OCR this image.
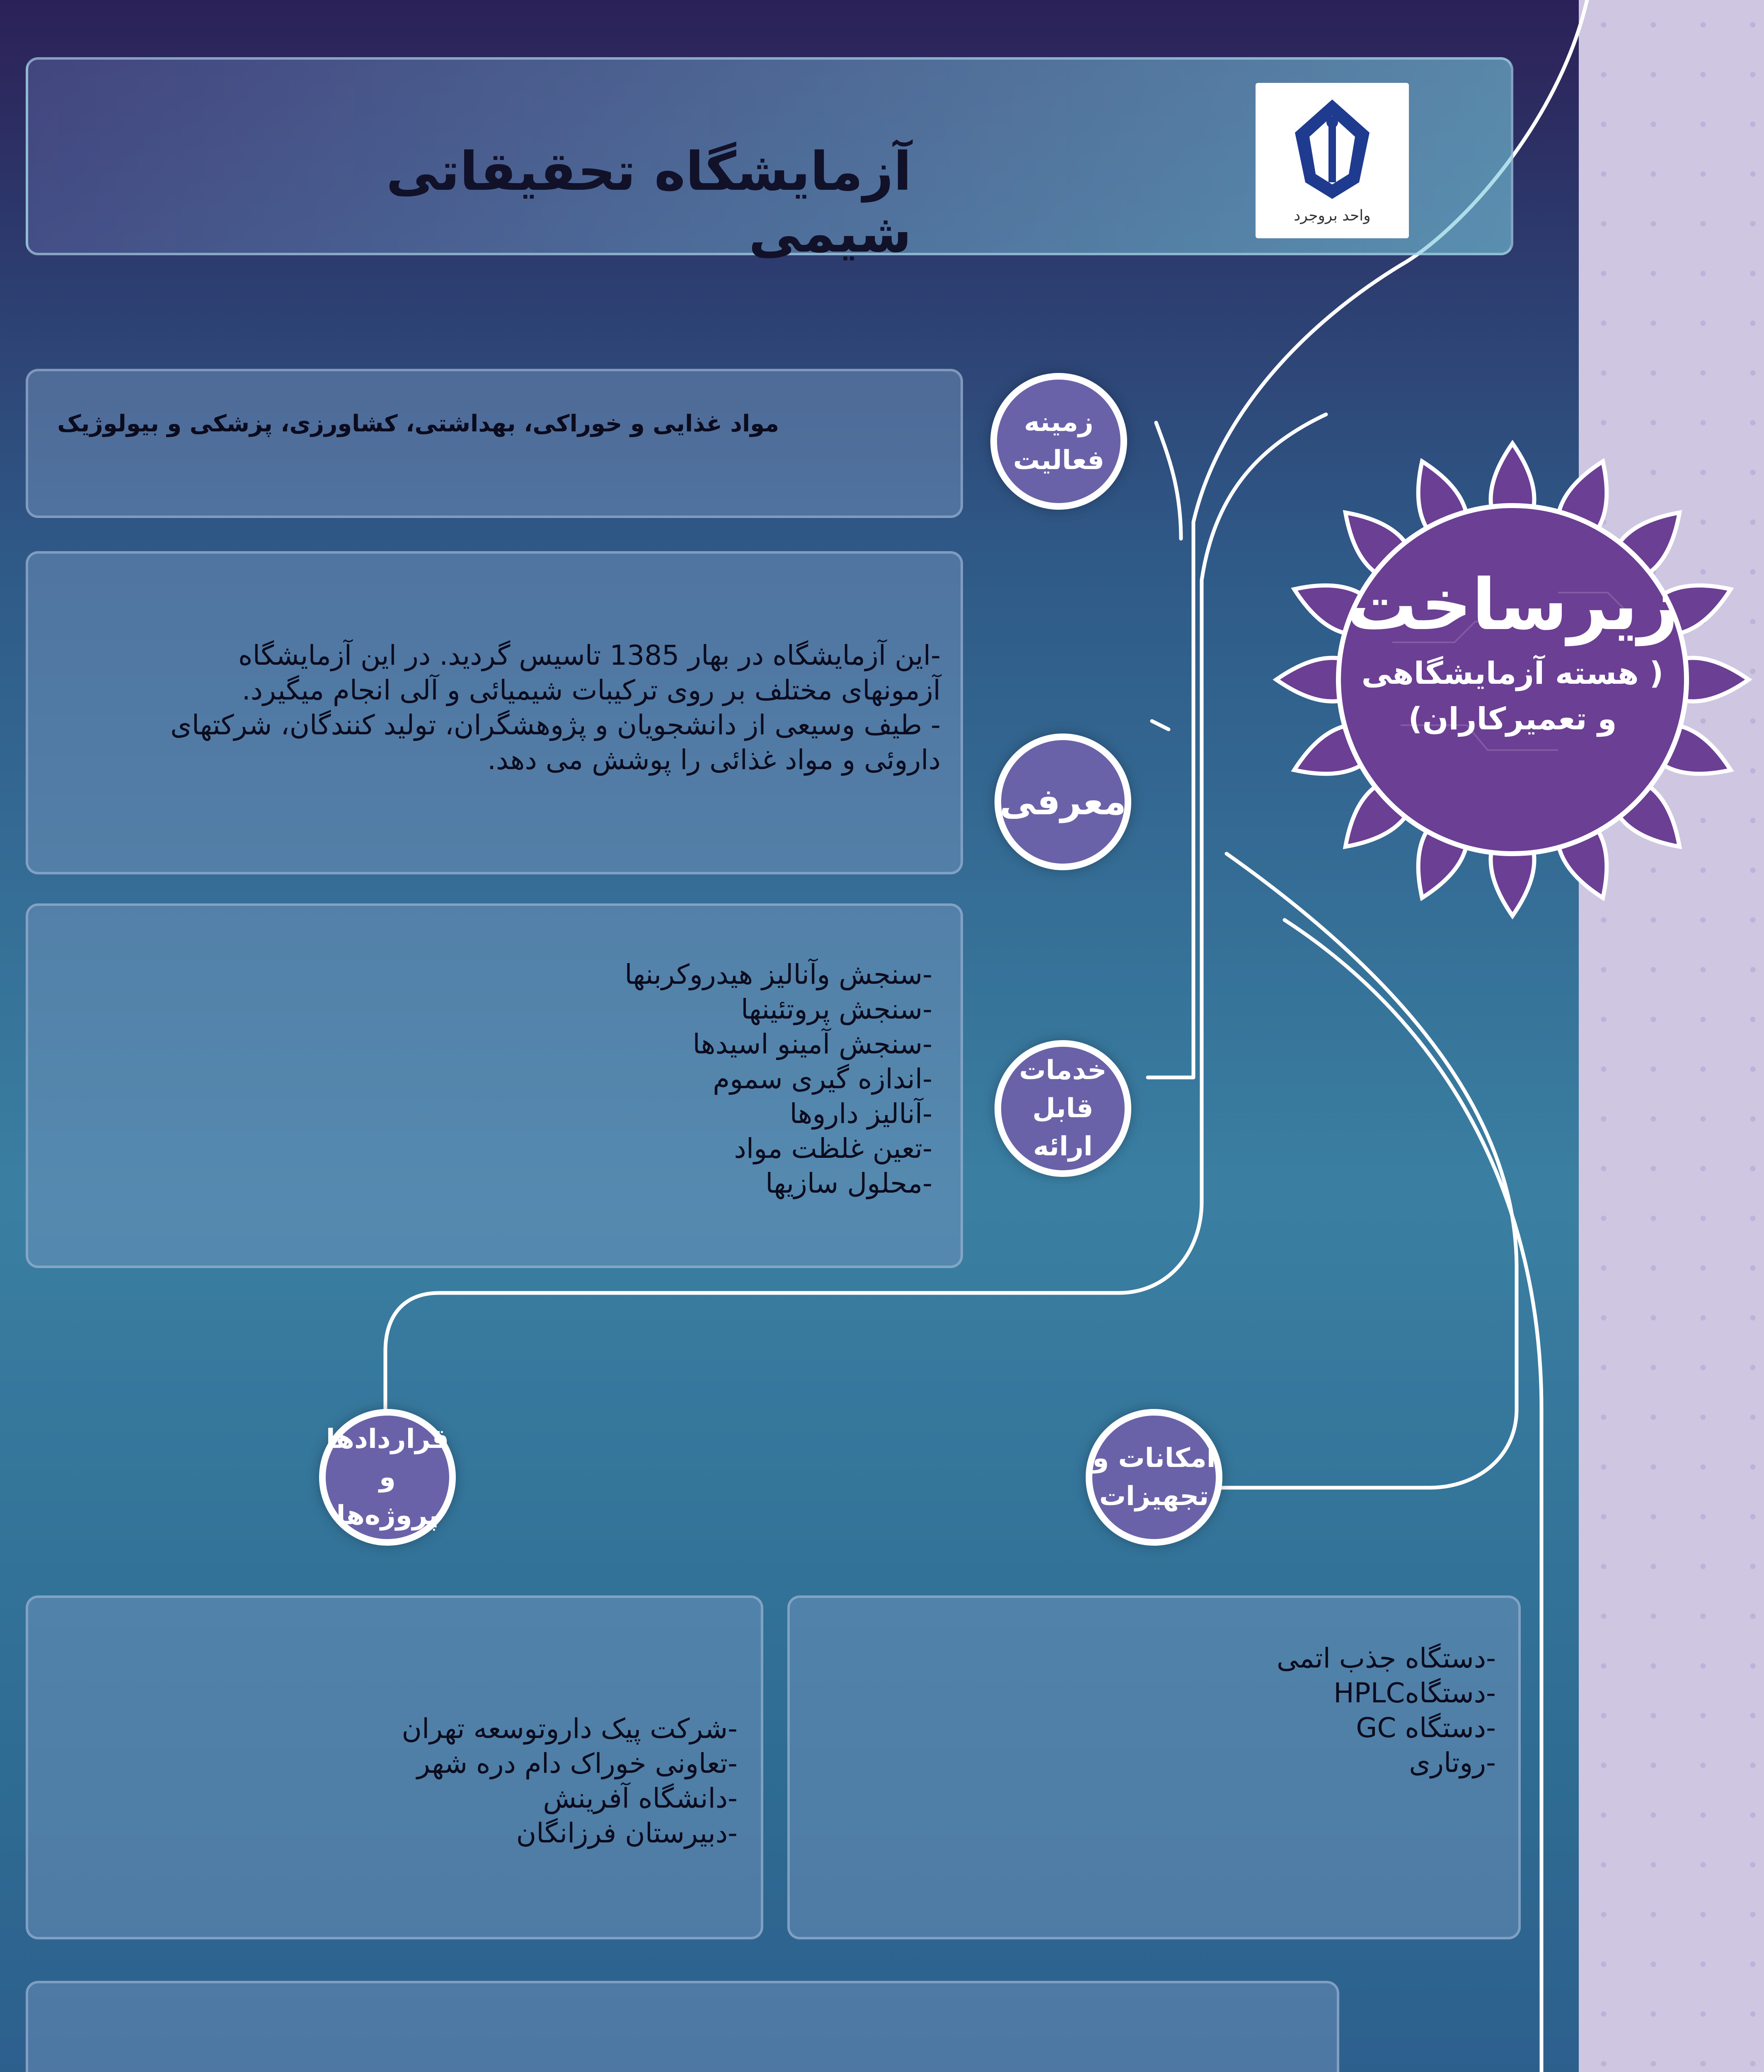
آزمایشگاه تحقیقاتی شیمی	واحد بروجرد
زیرساخت
( هسته آزمایشگاهی
و تعمیرکاران)
مواد غذایی و خوراکی، بهداشتی، کشاورزی، پزشکی و بیولوژیک	زمینه
فعالیت

-این آزمایشگاه در بهار 1385 تاسیس گردید. در این آزمایشگاه

آزمونهای مختلف بر روی ترکیبات شیمیائی و آلی انجام میگیرد.

- طیف وسیعی از دانشجویان و پژوهشگران، تولید کنندگان، شرکتهای

داروئی و مواد غذائی را پوشش می دهد.

معرفی

-سنجش وآنالیز هیدروکربنها

-سنجش پروتئینها

-سنجش آمینو اسیدها

-اندازه گیری سموم

-آنالیز داروها

-تعین غلظت مواد

-محلول سازیها

خدمات
قابل ارائه
قراردادها و
پروژه‌ها
امکانات و
تجهیزات

-شرکت پیک داروتوسعه تهران

-تعاونی خوراک دام دره شهر

-دانشگاه آفرینش

-دبیرستان فرزانگان

-دستگاه جذب اتمی

-دستگاهHPLC

-دستگاه GC

-روتاری
